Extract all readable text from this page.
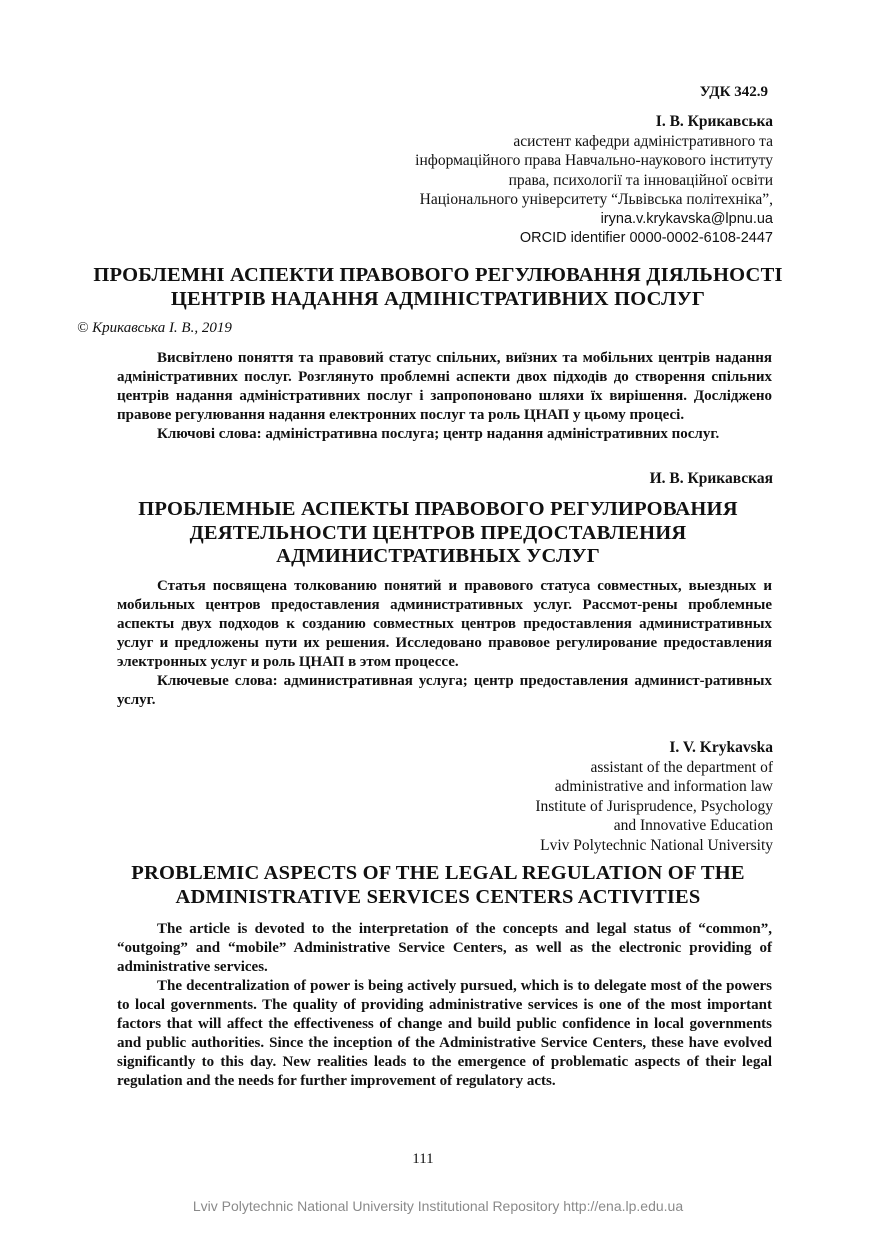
УДК 342.9
І. В. Крикавська
асистент кафедри адміністративного та
інформаційного права Навчально-наукового інституту
права, психології та інноваційної освіти
Національного університету “Львівська політехніка”,
iryna.v.krykavska@lpnu.ua
ORCID identifier 0000-0002-6108-2447
ПРОБЛЕМНІ АСПЕКТИ ПРАВОВОГО РЕГУЛЮВАННЯ ДІЯЛЬНОСТІ
ЦЕНТРІВ НАДАННЯ АДМІНІСТРАТИВНИХ ПОСЛУГ
© Крикавська І. В., 2019

Висвітлено поняття та правовий статус спільних, виїзних та мобільних центрів надання адміністративних послуг. Розглянуто проблемні аспекти двох підходів до створення спільних центрів надання адміністративних послуг і запропоновано шляхи їх вирішення. Досліджено правове регулювання надання електронних послуг та роль ЦНАП у цьому процесі.

Ключові слова: адміністративна послуга; центр надання адміністративних послуг.

И. В. Крикавская
ПРОБЛЕМНЫЕ АСПЕКТЫ ПРАВОВОГО РЕГУЛИРОВАНИЯ
ДЕЯТЕЛЬНОСТИ ЦЕНТРОВ ПРЕДОСТАВЛЕНИЯ
АДМИНИСТРАТИВНЫХ УСЛУГ

Статья посвящена толкованию понятий и правового статуса совместных, выездных и мобильных центров предоставления административных услуг. Рассмот-рены проблемные аспекты двух подходов к созданию совместных центров предоставления административных услуг и предложены пути их решения. Исследовано правовое регулирование предоставления электронных услуг и роль ЦНАП в этом процессе.

Ключевые слова: административная услуга; центр предоставления админист-ративных услуг.

I. V. Krykavska
assistant of the department of
administrative and information law
Institute of Jurisprudence, Psychology
and Innovative Education
Lviv Polytechnic National University
PROBLEMIC ASPECTS OF THE LEGAL REGULATION OF THE
ADMINISTRATIVE SERVICES CENTERS ACTIVITIES

The article is devoted to the interpretation of the concepts and legal status of “common”, “outgoing” and “mobile” Administrative Service Centers, as well as the electronic providing of administrative services.

The decentralization of power is being actively pursued, which is to delegate most of the powers to local governments. The quality of providing administrative services is one of the most important factors that will affect the effectiveness of change and build public confidence in local governments and public authorities. Since the inception of the Administrative Service Centers, these have evolved significantly to this day. New realities leads to the emergence of problematic aspects of their legal regulation and the needs for further improvement of regulatory acts.

111
Lviv Polytechnic National University Institutional Repository http://ena.lp.edu.ua
